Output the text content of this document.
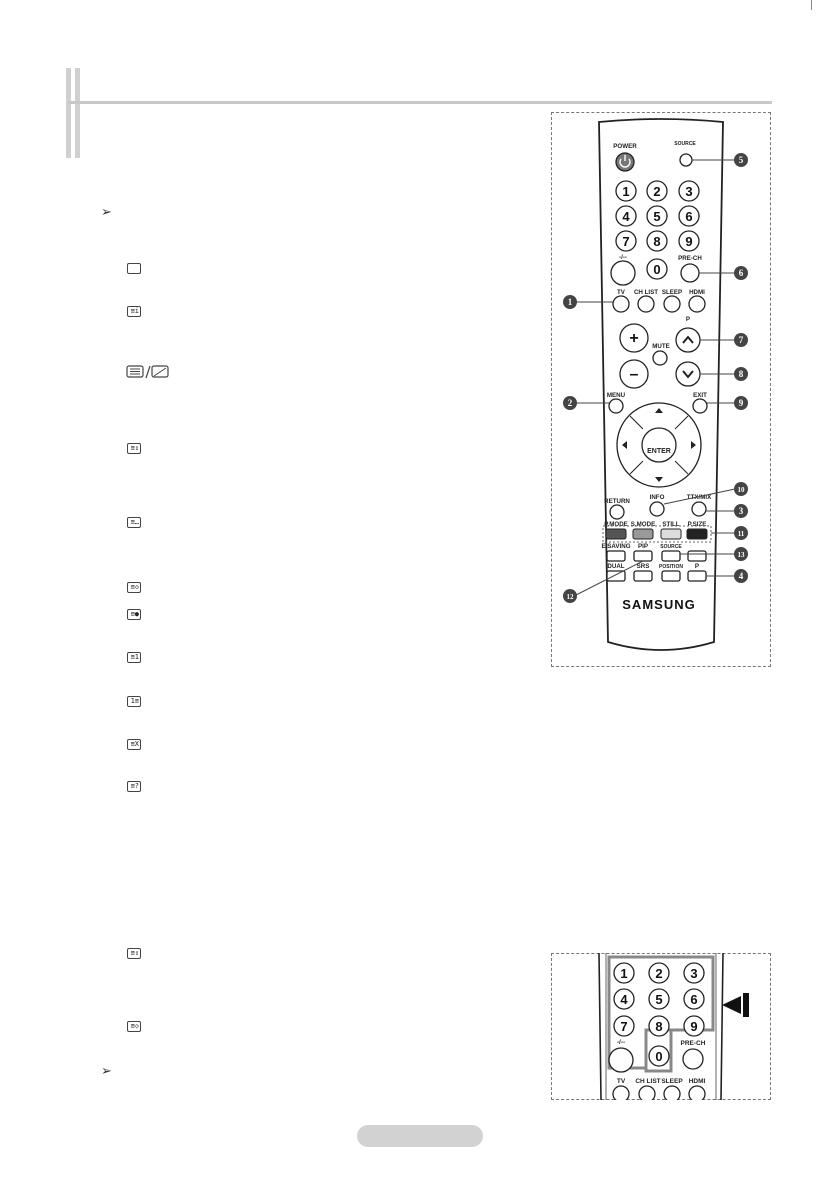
➢
≡i
≡⇕
≡…
≡◇
≡●
≡1
1≡
≡X
≡?
≡⇕
≡◇
➢
POWER	SOURCE
1 2 3
4 5 6
7 8 9
0
-/--	PRE-CH
TV CH LIST SLEEP HDMI
+
–
P
MUTE
MENU	EXIT
ENTER
RETURN
INFO	TTX/MIX
P.MODE S.MODE STILL P.SIZE
E.SAVING PIP SOURCE
DUAL SRS POSITION P
SAMSUNG
1
2
3
4
5
6
7
8
9
10
11
12
13
1 2 3
4 5 6
7 8 9
0
-/--	PRE-CH
TV CH LIST SLEEP HDMI
